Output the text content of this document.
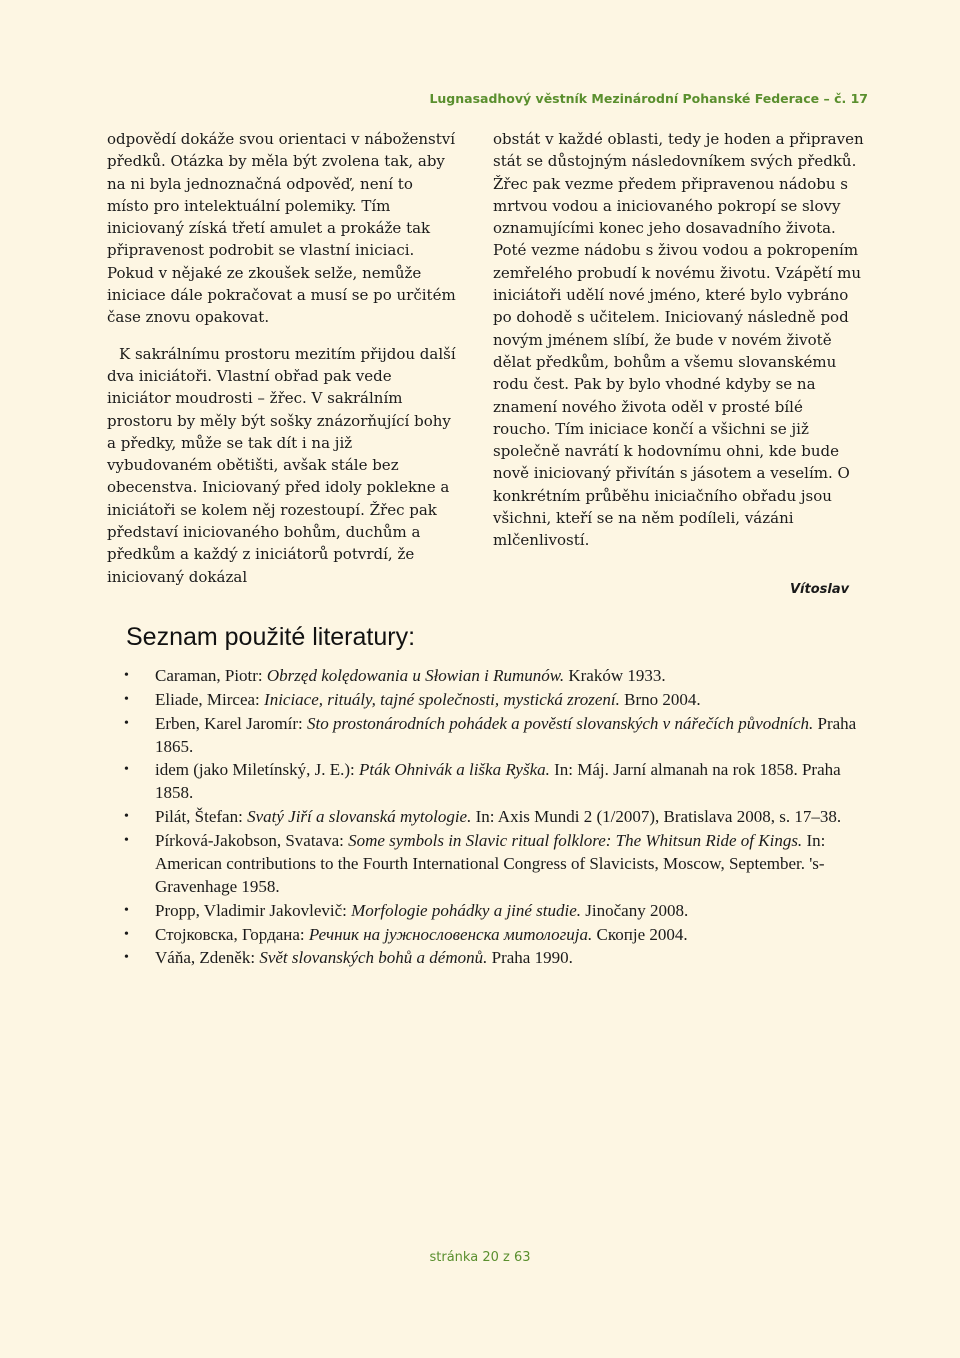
Lugnasadhový věstník Mezinárodní Pohanské Federace – č. 17

odpovědí dokáže svou orientaci v náboženství předků. Otázka by měla být zvolena tak, aby na ni byla jednoznačná odpověď, není to místo pro intelektuální polemiky. Tím iniciovaný získá třetí amulet a prokáže tak připravenost podrobit se vlastní iniciaci. Pokud v nějaké ze zkoušek selže, nemůže iniciace dále pokračovat a musí se po určitém čase znovu opakovat.

K sakrálnímu prostoru mezitím přijdou další dva iniciátoři. Vlastní obřad pak vede iniciátor moudrosti – žřec. V sakrálním prostoru by měly být sošky znázorňující bohy a předky, může se tak dít i na již vybudovaném obětišti, avšak stále bez obecenstva. Iniciovaný před idoly poklekne a iniciátoři se kolem něj rozestoupí. Žřec pak představí iniciovaného bohům, duchům a předkům a každý z iniciátorů potvrdí, že iniciovaný dokázal

obstát v každé oblasti, tedy je hoden a připraven stát se důstojným následovníkem svých předků. Žřec pak vezme předem připravenou nádobu s mrtvou vodou a iniciovaného pokropí se slovy oznamujícími konec jeho dosavadního života. Poté vezme nádobu s živou vodou a pokropením zemřelého probudí k novému životu. Vzápětí mu iniciátoři udělí nové jméno, které bylo vybráno po dohodě s učitelem. Iniciovaný následně pod novým jménem slíbí, že bude v novém životě dělat předkům, bohům a všemu slovanskému rodu čest. Pak by bylo vhodné kdyby se na znamení nového života oděl v prosté bílé roucho. Tím iniciace končí a všichni se již společně navrátí k hodovnímu ohni, kde bude nově iniciovaný přivítán s jásotem a veselím. O konkrétním průběhu iniciačního obřadu jsou všichni, kteří se na něm podíleli, vázáni mlčenlivostí.

Vítoslav
Seznam použité literatury:
• Caraman, Piotr: Obrzęd kolędowania u Słowian i Rumunów. Kraków 1933.
• Eliade, Mircea: Iniciace, rituály, tajné společnosti, mystická zrození. Brno 2004.
• Erben, Karel Jaromír: Sto prostonárodních pohádek a pověstí slovanských v nářečích původních. Praha 1865.
• idem (jako Miletínský, J. E.): Pták Ohnivák a liška Ryška. In: Máj. Jarní almanah na rok 1858. Praha 1858.
• Pilát, Štefan: Svatý Jiří a slovanská mytologie. In: Axis Mundi 2 (1/2007), Bratislava 2008, s. 17–38.
• Pírková-Jakobson, Svatava: Some symbols in Slavic ritual folklore: The Whitsun Ride of Kings. In: American contributions to the Fourth International Congress of Slavicists, Moscow, September. 's-Gravenhage 1958.
• Propp, Vladimir Jakovlevič: Morfologie pohádky a jiné studie. Jinočany 2008.
• Стојковска, Гордана: Речник на јужнословенска митологија. Скопје 2004.
• Váňa, Zdeněk: Svět slovanských bohů a démonů. Praha 1990.
stránka 20 z 63
